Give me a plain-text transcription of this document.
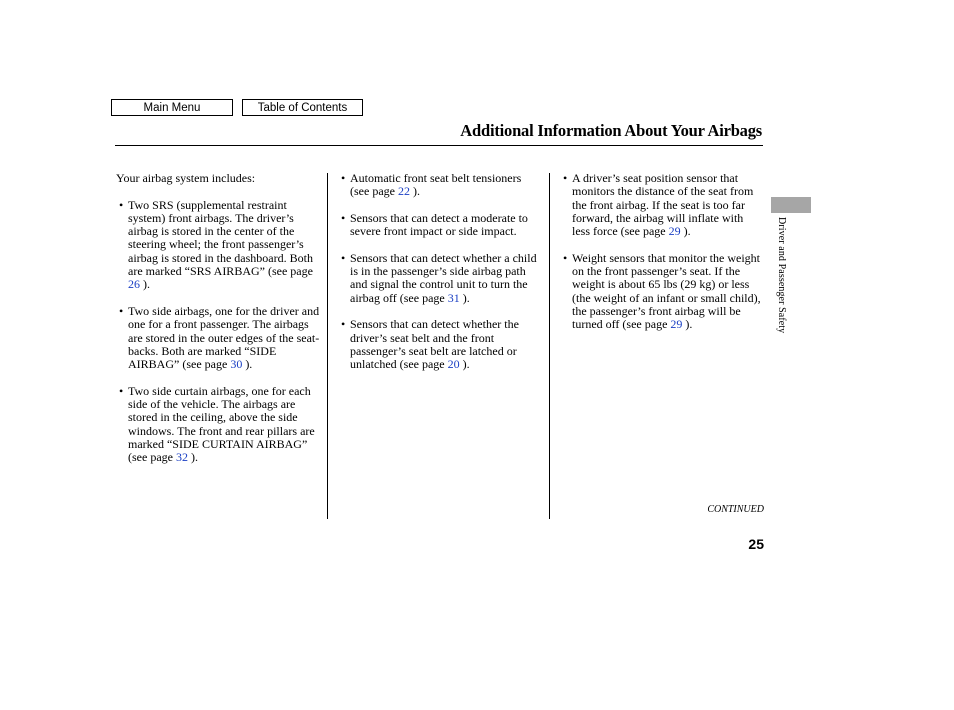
Main Menu	Table of Contents
Additional Information About Your Airbags
Driver and Passenger Safety

Your airbag system includes:

• Two SRS (supplemental restraint system) front airbags. The driver’s airbag is stored in the center of the steering wheel; the front passenger’s airbag is stored in the dashboard. Both are marked “SRS AIRBAG” (see page 26 ).
• Two side airbags, one for the driver and one for a front passenger. The airbags are stored in the outer edges of the seat-backs. Both are marked “SIDE AIRBAG” (see page 30 ).
• Two side curtain airbags, one for each side of the vehicle. The airbags are stored in the ceiling, above the side windows. The front and rear pillars are marked “SIDE CURTAIN AIRBAG” (see page 32 ).
• Automatic front seat belt tensioners (see page 22 ).
• Sensors that can detect a moderate to severe front impact or side impact.
• Sensors that can detect whether a child is in the passenger’s side airbag path and signal the control unit to turn the airbag off (see page 31 ).
• Sensors that can detect whether the driver’s seat belt and the front passenger’s seat belt are latched or unlatched (see page 20 ).
• A driver’s seat position sensor that monitors the distance of the seat from the front airbag. If the seat is too far forward, the airbag will inflate with less force (see page 29 ).
• Weight sensors that monitor the weight on the front passenger’s seat. If the weight is about 65 lbs (29 kg) or less (the weight of an infant or small child), the passenger’s front airbag will be turned off (see page 29 ).
CONTINUED
25
